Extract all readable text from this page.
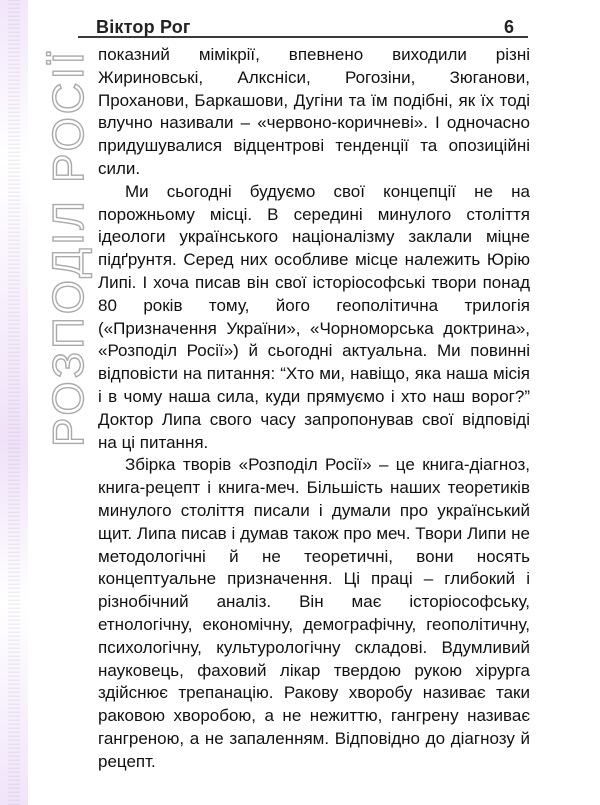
Віктор Рог	6
РОЗПОДІЛ РОСІЇ показний мімікрії, впевнено виходили різні Жириновські, Алксніси, Рогозіни, Зюганови, Проханови, Баркашови, Дугіни та їм подібні, як їх тоді влучно називали – «червоно-коричневі». І одночасно придушувалися відцентрові тенденції та опозиційні сили.

Ми сьогодні будуємо свої концепції не на порожньому місці. В середині минулого століття ідеологи українського націоналізму заклали міцне підґрунтя. Серед них особливе місце належить Юрію Липі. І хоча писав він свої історіософські твори понад 80 років тому, його геополітична трилогія («Призначення України», «Чорноморська доктрина», «Розподіл Росії») й сьогодні актуальна. Ми повинні відповісти на питання: “Хто ми, навіщо, яка наша місія і в чому наша сила, куди прямуємо і хто наш ворог?” Доктор Липа свого часу запропонував свої відповіді на ці питання.

Збірка творів «Розподіл Росії» – це книга-діагноз, книга-рецепт і книга-меч. Більшість наших теоретиків минулого століття писали і думали про український щит. Липа писав і думав також про меч. Твори Липи не методологічні й не теоретичні, вони носять концептуальне призначення. Ці праці – глибокий і різнобічний аналіз. Він має історіософську, етнологічну, економічну, демографічну, геополітичну, психологічну, культурологічну складові. Вдумливий науковець, фаховий лікар твердою рукою хірурга здійснює трепанацію. Ракову хворобу називає таки раковою хворобою, а не нежиттю, гангрену називає гангреною, а не запаленням. Відповідно до діагнозу й рецепт.
